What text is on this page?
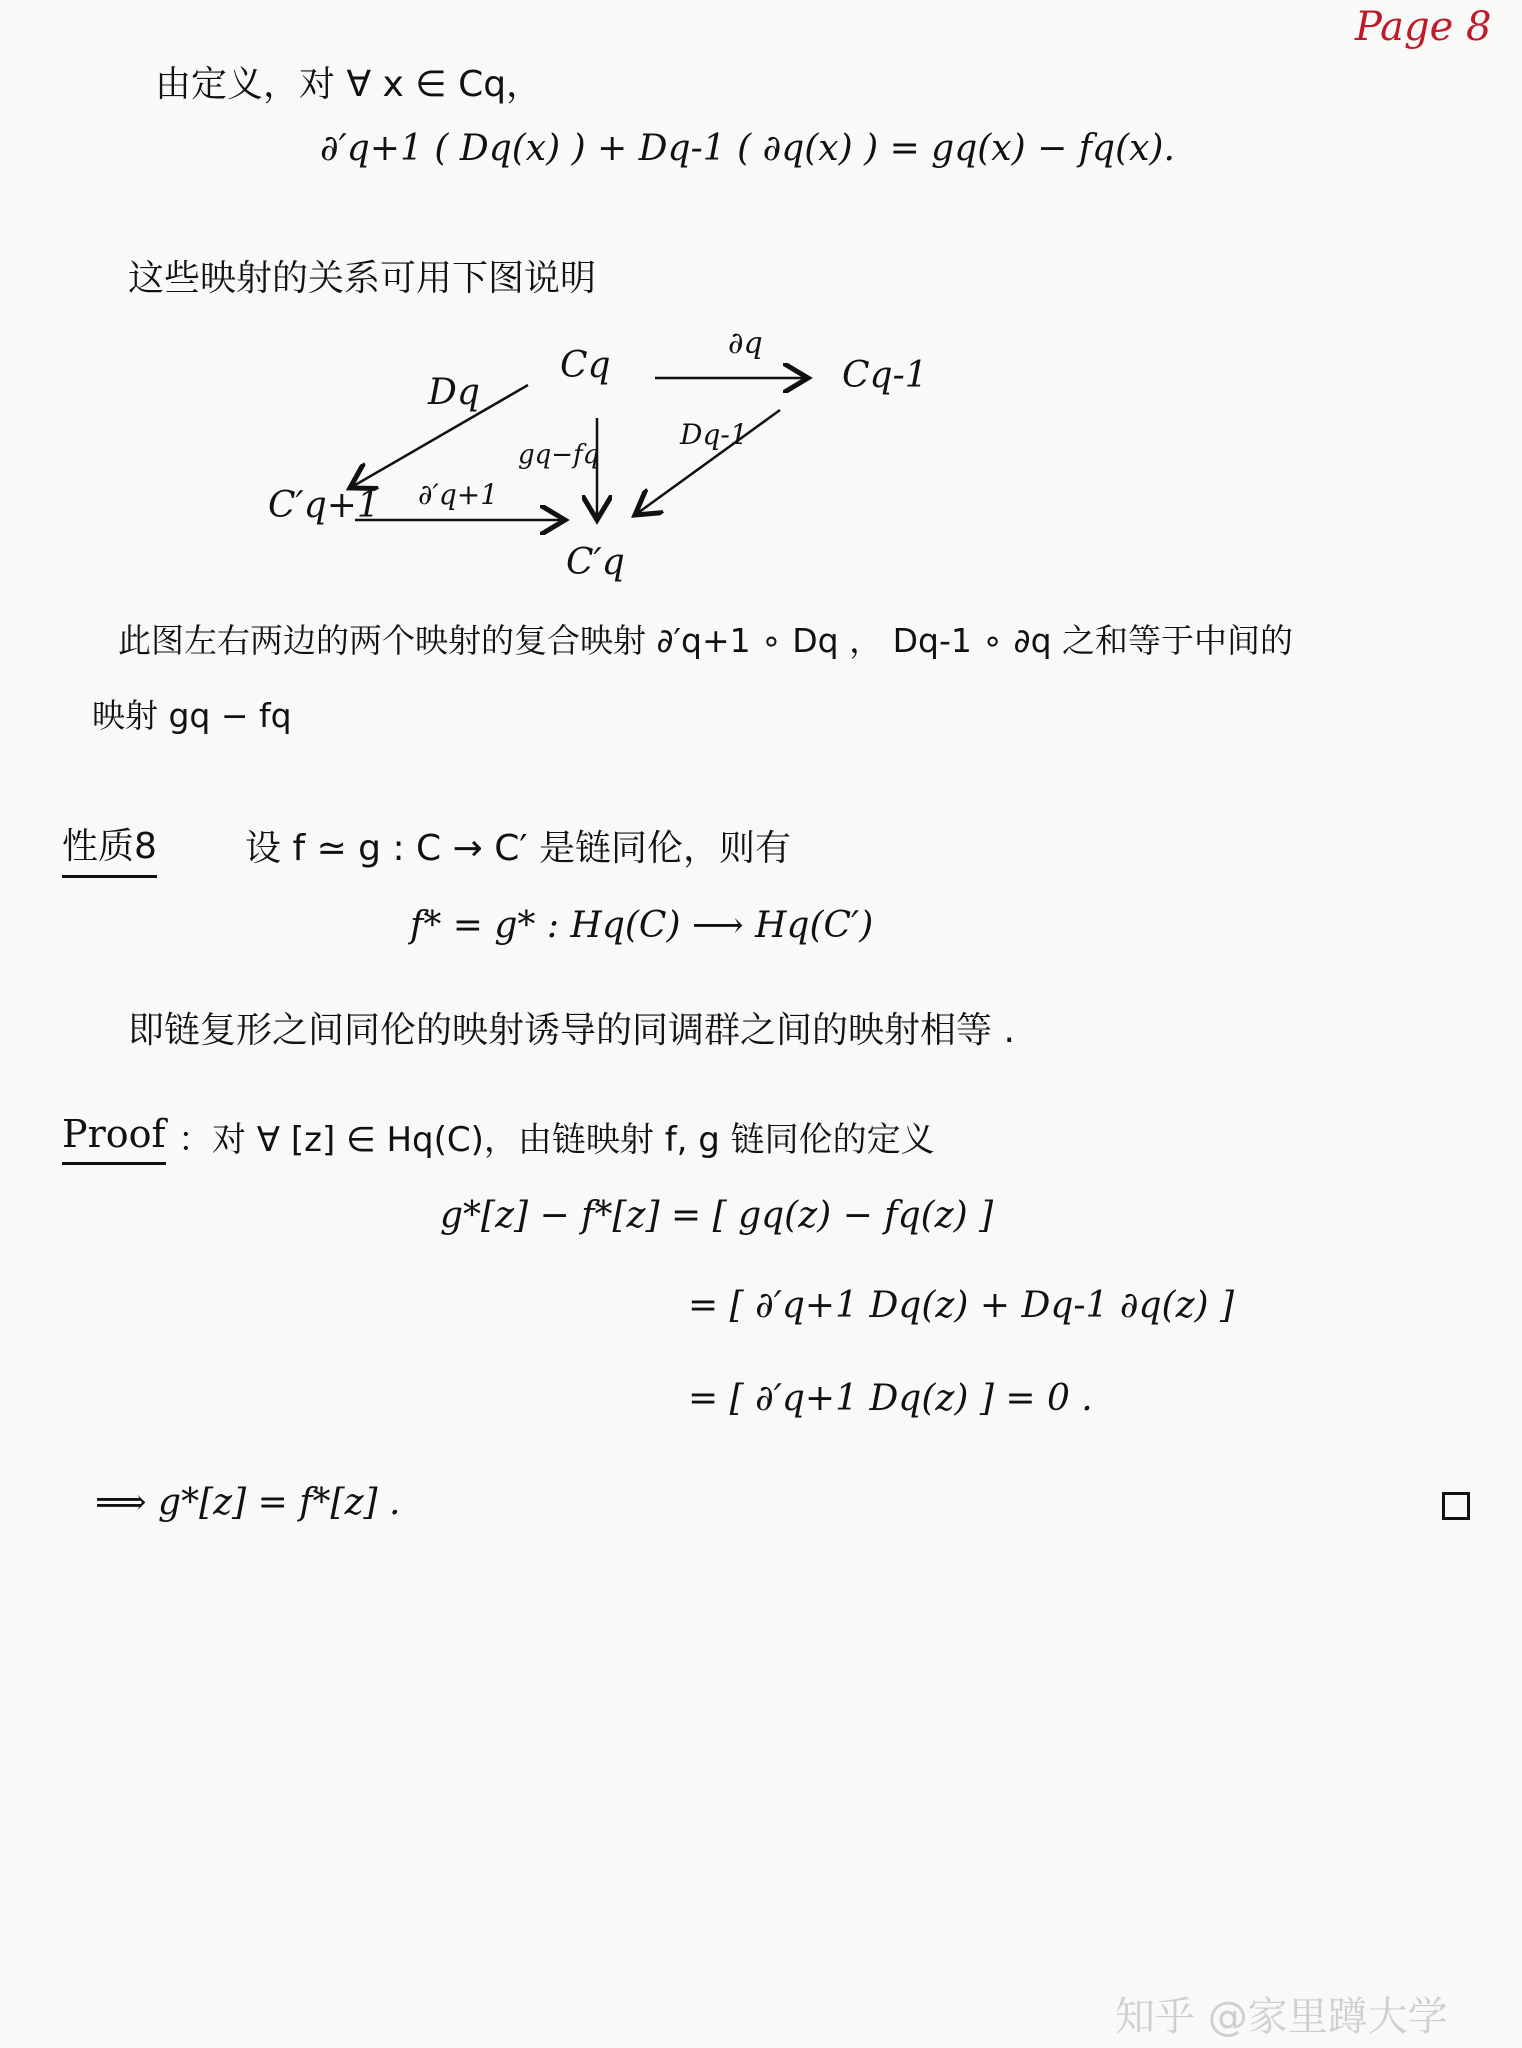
Page 8
由定义，对 ∀ x ∈ Cq，
∂′q+1 ( Dq(x) ) + Dq-1 ( ∂q(x) ) = gq(x) − fq(x).
这些映射的关系可用下图说明
Cq	Cq-1
C′q+1
C′q
Dq
∂q
gq−fq
Dq-1
∂′q+1
此图左右两边的两个映射的复合映射 ∂′q+1 ∘ Dq ， Dq-1 ∘ ∂q 之和等于中间的
映射 gq − fq
性质8 设 f ≃ g : C → C′ 是链同伦，则有
f* = g* : Hq(C) ⟶ Hq(C′)
即链复形之间同伦的映射诱导的同调群之间的映射相等 .
Proof ：对 ∀ [z] ∈ Hq(C)，由链映射 f, g 链同伦的定义
g*[z] − f*[z] = [ gq(z) − fq(z) ]
= [ ∂′q+1 Dq(z) + Dq-1 ∂q(z) ]
= [ ∂′q+1 Dq(z) ] = 0 .
⟹ g*[z] = f*[z] .
知乎 @家里蹲大学
